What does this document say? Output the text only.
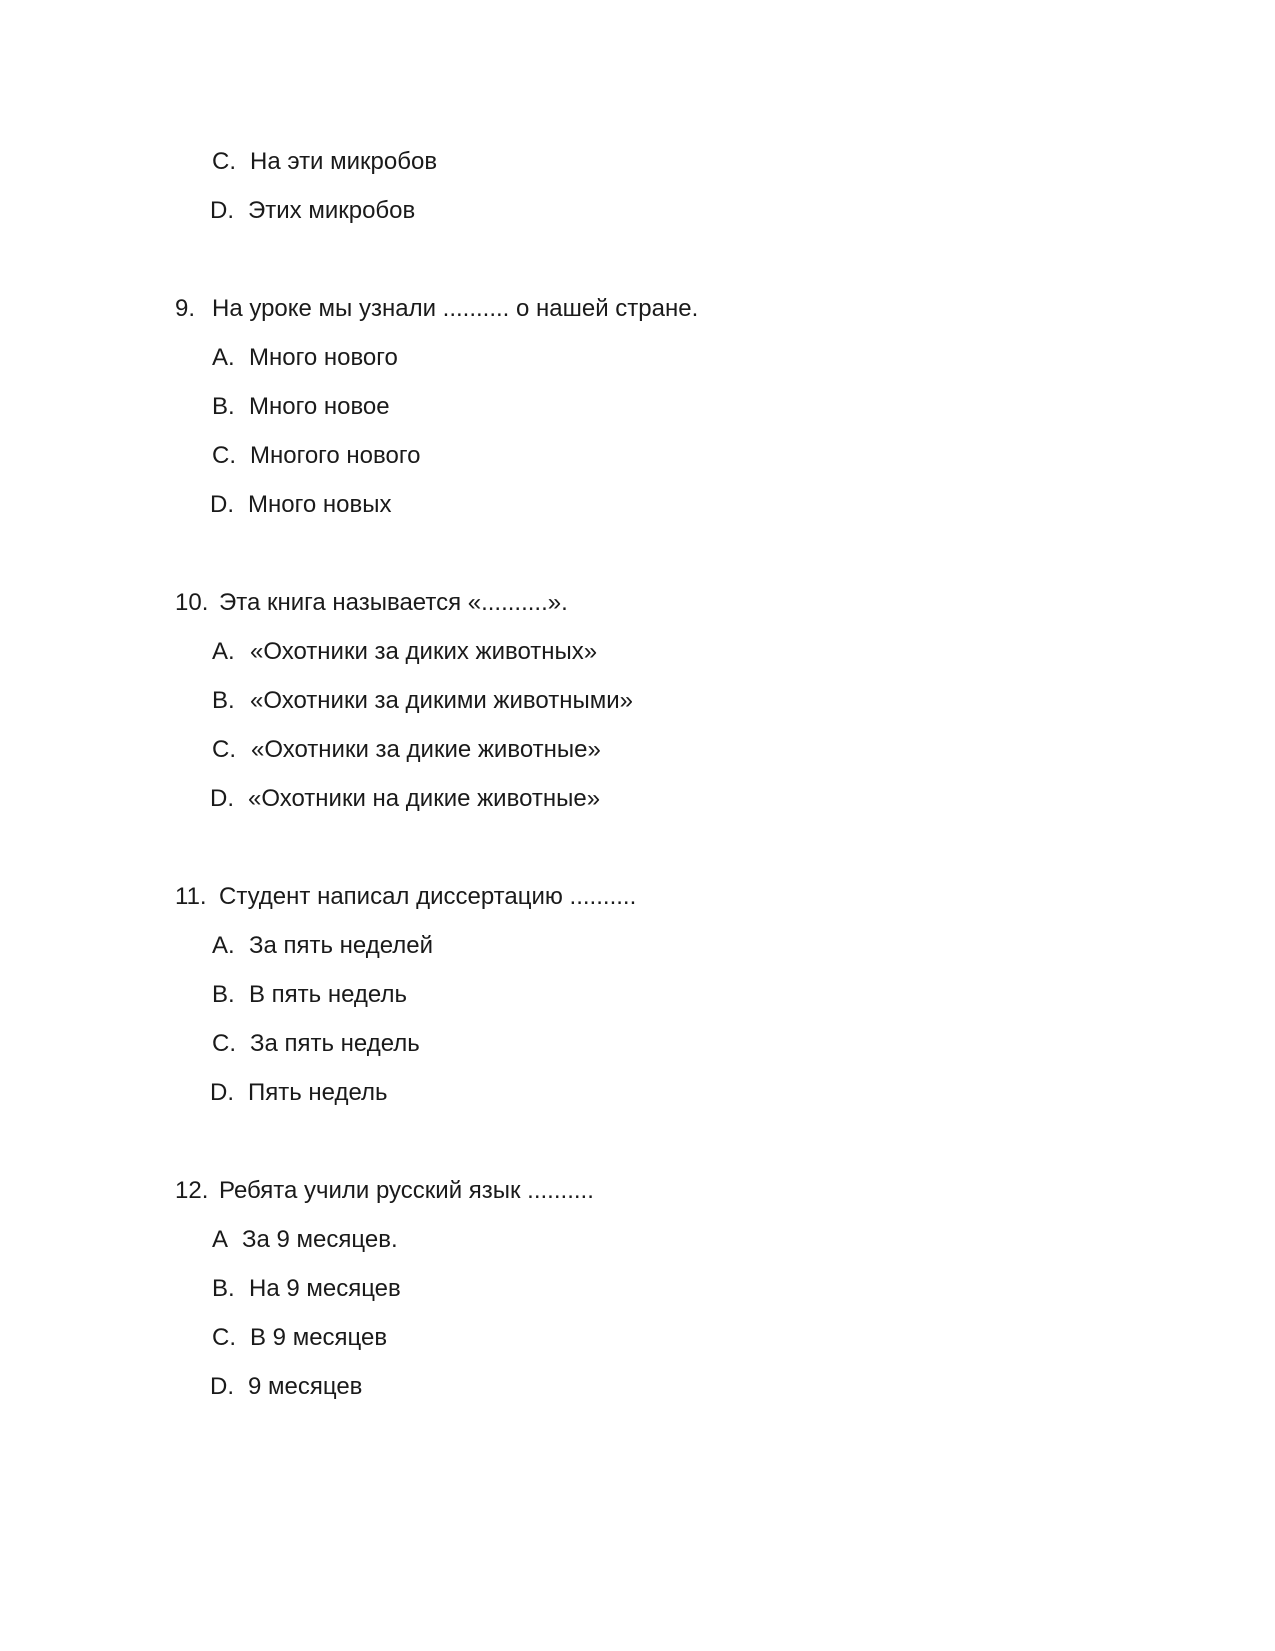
C. На эти микробов
D. Этих микробов
9. На уроке мы узнали .......... о нашей стране.
A. Много нового
B. Много новое
C. Многого нового
D. Много новых
10. Эта книга называется «..........».
A. «Охотники за диких животных»
B. «Охотники за дикими животными»
C. «Охотники за дикие животные»
D. «Охотники на дикие животные»
11. Студент написал диссертацию ..........
A. За пять неделей
B. В пять недель
C. За пять недель
D. Пять недель
12. Ребята учили русский язык ..........
A За 9 месяцев.
B. На 9 месяцев
C. В 9 месяцев
D. 9 месяцев
